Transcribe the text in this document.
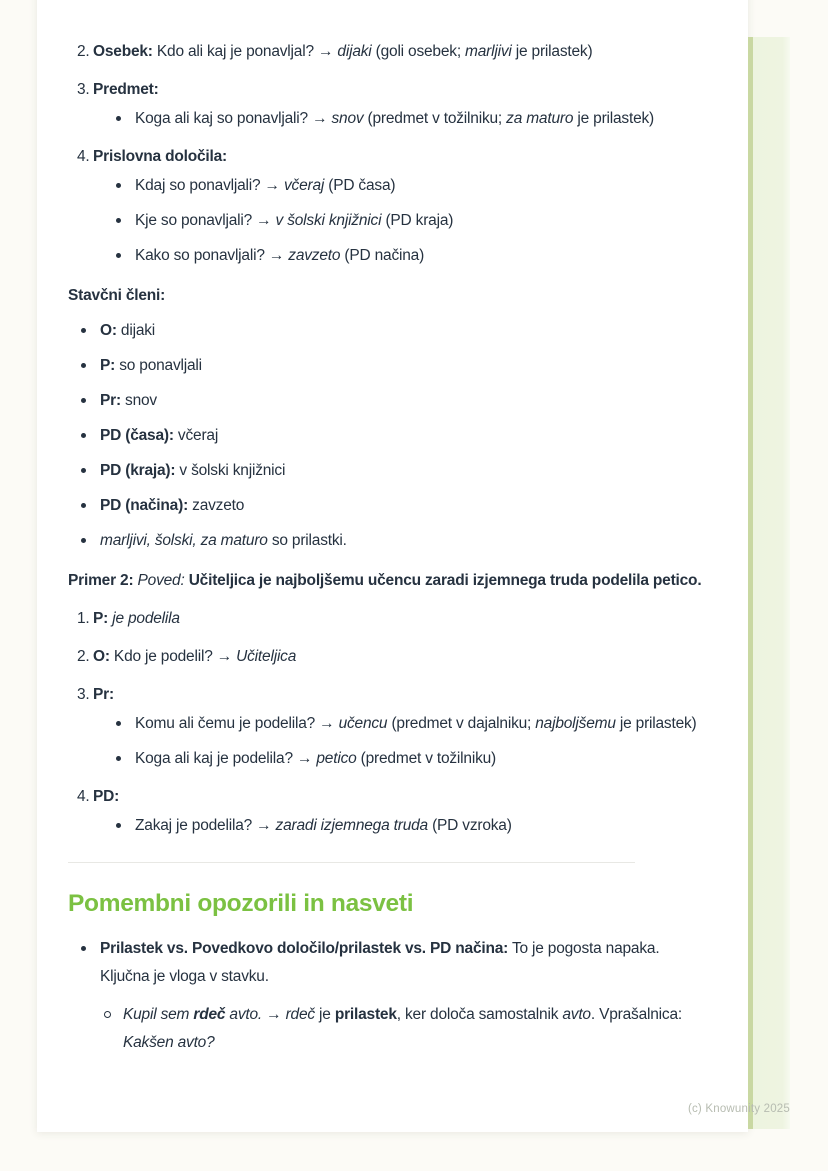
2. Osebek: Kdo ali kaj je ponavljal? → dijaki (goli osebek; marljivi je prilastek)
3. Predmet:
Koga ali kaj so ponavljali? → snov (predmet v tožilniku; za maturo je prilastek)
4. Prislovna določila:
Kdaj so ponavljali? → včeraj (PD časa)
Kje so ponavljali? → v šolski knjižnici (PD kraja)
Kako so ponavljali? → zavzeto (PD načina)
Stavčni členi:
O: dijaki
P: so ponavljali
Pr: snov
PD (časa): včeraj
PD (kraja): v šolski knjižnici
PD (načina): zavzeto
marljivi, šolski, za maturo so prilastki.
Primer 2: Poved: Učiteljica je najboljšemu učencu zaradi izjemnega truda podelila petico.
1. P: je podelila
2. O: Kdo je podelil? → Učiteljica
3. Pr:
Komu ali čemu je podelila? → učencu (predmet v dajalniku; najboljšemu je prilastek)
Koga ali kaj je podelila? → petico (predmet v tožilniku)
4. PD:
Zakaj je podelila? → zaradi izjemnega truda (PD vzroka)
Pomembni opozorili in nasveti
Prilastek vs. Povedkovo določilo/prilastek vs. PD načina: To je pogosta napaka. Ključna je vloga v stavku.
Kupil sem rdeč avto. → rdeč je prilastek, ker določa samostalnik avto. Vprašalnica: Kakšen avto?
(c) Knowunity 2025
